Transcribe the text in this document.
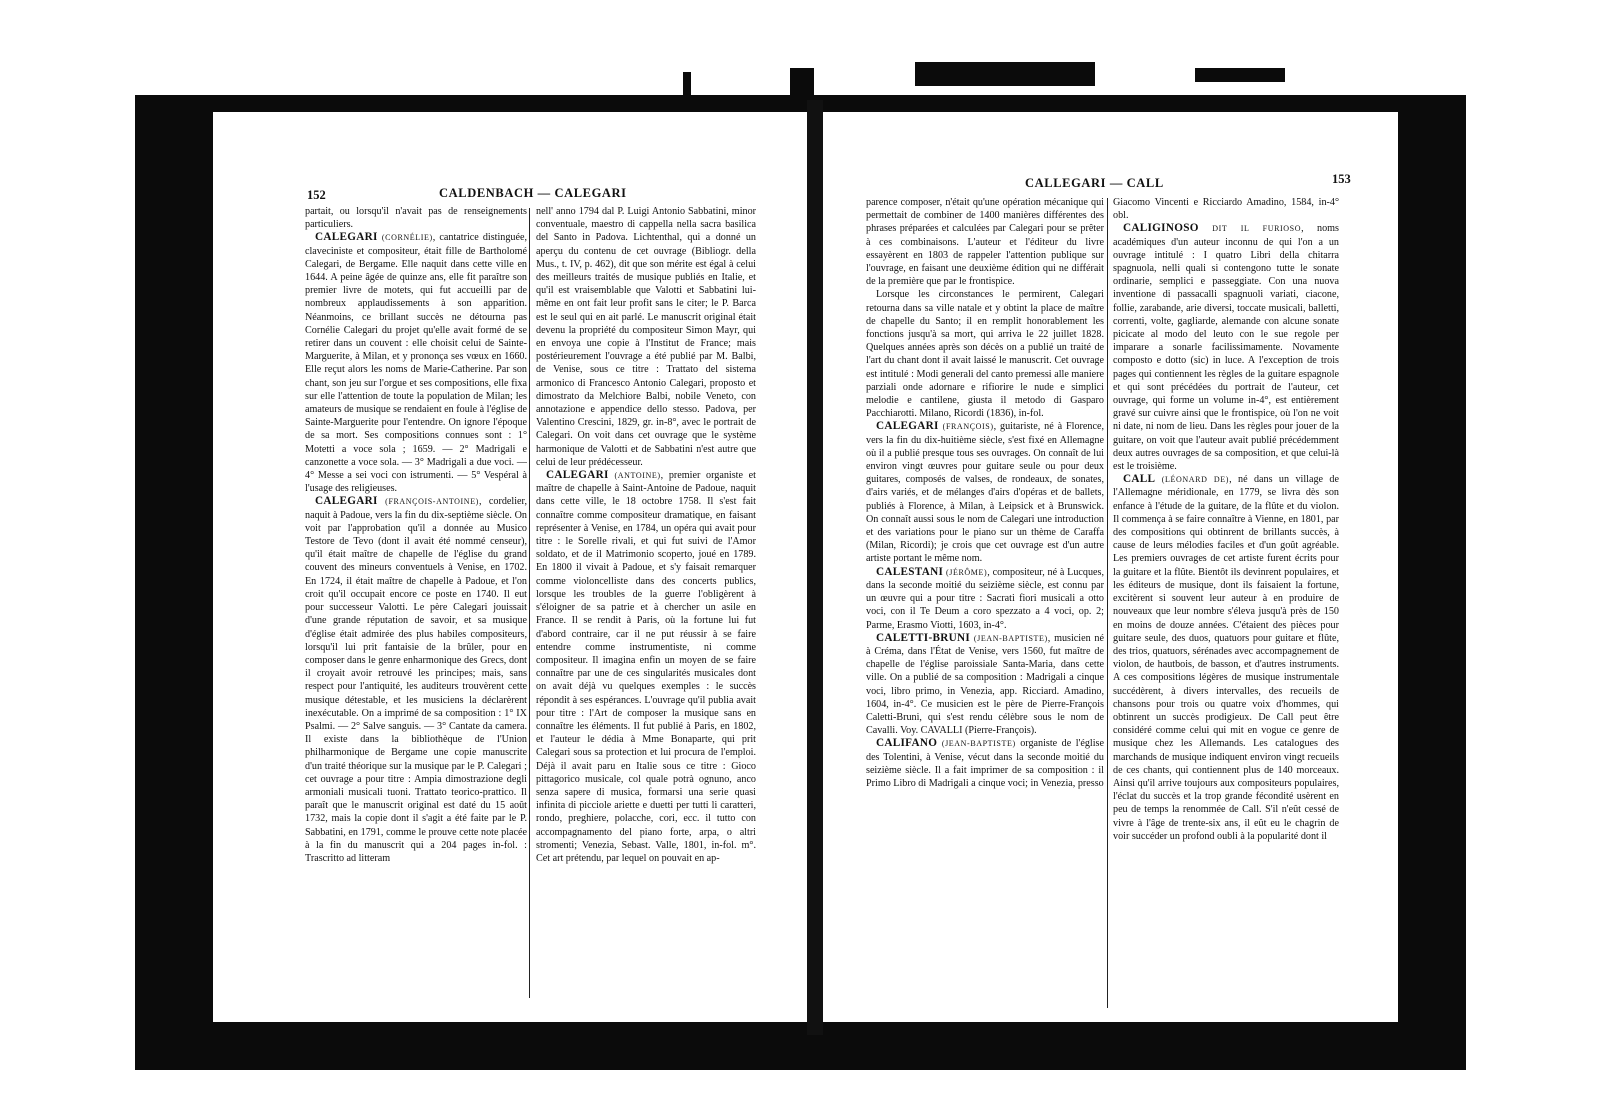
152	CALDENBACH — CALEGARI

partait, ou lorsqu'il n'avait pas de renseignements particuliers.

CALEGARI (CORNÉLIE), cantatrice distinguée, claveciniste et compositeur, était fille de Bartholomé Calegari, de Bergame. Elle naquit dans cette ville en 1644. A peine âgée de quinze ans, elle fit paraître son premier livre de motets, qui fut accueilli par de nombreux applaudissements à son apparition. Néanmoins, ce brillant succès ne détourna pas Cornélie Calegari du projet qu'elle avait formé de se retirer dans un couvent : elle choisit celui de Sainte-Marguerite, à Milan, et y prononça ses vœux en 1660. Elle reçut alors les noms de Marie-Catherine. Par son chant, son jeu sur l'orgue et ses compositions, elle fixa sur elle l'attention de toute la population de Milan; les amateurs de musique se rendaient en foule à l'église de Sainte-Marguerite pour l'entendre. On ignore l'époque de sa mort. Ses compositions connues sont : 1° Motetti a voce sola ; 1659. — 2° Madrigali e canzonette a voce sola. — 3° Madrigali a due voci. — 4° Messe a sei voci con istrumenti. — 5° Vespéral à l'usage des religieuses.

CALEGARI (FRANÇOIS-ANTOINE), cordelier, naquit à Padoue, vers la fin du dix-septième siècle. On voit par l'approbation qu'il a donnée au Musico Testore de Tevo (dont il avait été nommé censeur), qu'il était maître de chapelle de l'église du grand couvent des mineurs conventuels à Venise, en 1702. En 1724, il était maître de chapelle à Padoue, et l'on croit qu'il occupait encore ce poste en 1740. Il eut pour successeur Valotti. Le père Calegari jouissait d'une grande réputation de savoir, et sa musique d'église était admirée des plus habiles compositeurs, lorsqu'il lui prit fantaisie de la brûler, pour en composer dans le genre enharmonique des Grecs, dont il croyait avoir retrouvé les principes; mais, sans respect pour l'antiquité, les auditeurs trouvèrent cette musique détestable, et les musiciens la déclarèrent inexécutable. On a imprimé de sa composition : 1° IX Psalmi. — 2° Salve sanguis. — 3° Cantate da camera. Il existe dans la bibliothèque de l'Union philharmonique de Bergame une copie manuscrite d'un traité théorique sur la musique par le P. Calegari ; cet ouvrage a pour titre : Ampia dimostrazione degli armoniali musicali tuoni. Trattato teorico-prattico. Il paraît que le manuscrit original est daté du 15 août 1732, mais la copie dont il s'agit a été faite par le P. Sabbatini, en 1791, comme le prouve cette note placée à la fin du manuscrit qui a 204 pages in-fol. : Trascritto ad litteram

nell' anno 1794 dal P. Luigi Antonio Sabbatini, minor conventuale, maestro di cappella nella sacra basilica del Santo in Padova. Lichtenthal, qui a donné un aperçu du contenu de cet ouvrage (Bibliogr. della Mus., t. IV, p. 462), dit que son mérite est égal à celui des meilleurs traités de musique publiés en Italie, et qu'il est vraisemblable que Valotti et Sabbatini lui-même en ont fait leur profit sans le citer; le P. Barca est le seul qui en ait parlé. Le manuscrit original était devenu la propriété du compositeur Simon Mayr, qui en envoya une copie à l'Institut de France; mais postérieurement l'ouvrage a été publié par M. Balbi, de Venise, sous ce titre : Trattato del sistema armonico di Francesco Antonio Calegari, proposto et dimostrato da Melchiore Balbi, nobile Veneto, con annotazione e appendice dello stesso. Padova, per Valentino Crescini, 1829, gr. in-8°, avec le portrait de Calegari. On voit dans cet ouvrage que le système harmonique de Valotti et de Sabbatini n'est autre que celui de leur prédécesseur.

CALEGARI (ANTOINE), premier organiste et maître de chapelle à Saint-Antoine de Padoue, naquit dans cette ville, le 18 octobre 1758. Il s'est fait connaître comme compositeur dramatique, en faisant représenter à Venise, en 1784, un opéra qui avait pour titre : le Sorelle rivali, et qui fut suivi de l'Amor soldato, et de il Matrimonio scoperto, joué en 1789. En 1800 il vivait à Padoue, et s'y faisait remarquer comme violoncelliste dans des concerts publics, lorsque les troubles de la guerre l'obligèrent à s'éloigner de sa patrie et à chercher un asile en France. Il se rendit à Paris, où la fortune lui fut d'abord contraire, car il ne put réussir à se faire entendre comme instrumentiste, ni comme compositeur. Il imagina enfin un moyen de se faire connaître par une de ces singularités musicales dont on avait déjà vu quelques exemples : le succès répondit à ses espérances. L'ouvrage qu'il publia avait pour titre : l'Art de composer la musique sans en connaître les éléments. Il fut publié à Paris, en 1802, et l'auteur le dédia à Mme Bonaparte, qui prit Calegari sous sa protection et lui procura de l'emploi. Déjà il avait paru en Italie sous ce titre : Gioco pittagorico musicale, col quale potrà ognuno, anco senza sapere di musica, formarsi una serie quasi infinita di picciole ariette e duetti per tutti li caratteri, rondo, preghiere, polacche, cori, ecc. il tutto con accompagnamento del piano forte, arpa, o altri stromenti; Venezia, Sebast. Valle, 1801, in-fol. m°. Cet art prétendu, par lequel on pouvait en ap-

CALLEGARI — CALL	153

parence composer, n'était qu'une opération mécanique qui permettait de combiner de 1400 manières différentes des phrases préparées et calculées par Calegari pour se prêter à ces combinaisons. L'auteur et l'éditeur du livre essayèrent en 1803 de rappeler l'attention publique sur l'ouvrage, en faisant une deuxième édition qui ne différait de la première que par le frontispice.

Lorsque les circonstances le permirent, Calegari retourna dans sa ville natale et y obtint la place de maître de chapelle du Santo; il en remplit honorablement les fonctions jusqu'à sa mort, qui arriva le 22 juillet 1828. Quelques années après son décès on a publié un traité de l'art du chant dont il avait laissé le manuscrit. Cet ouvrage est intitulé : Modi generali del canto premessi alle maniere parziali onde adornare e rifiorire le nude e simplici melodie e cantilene, giusta il metodo di Gasparo Pacchiarotti. Milano, Ricordi (1836), in-fol.

CALEGARI (FRANÇOIS), guitariste, né à Florence, vers la fin du dix-huitième siècle, s'est fixé en Allemagne où il a publié presque tous ses ouvrages. On connaît de lui environ vingt œuvres pour guitare seule ou pour deux guitares, composés de valses, de rondeaux, de sonates, d'airs variés, et de mélanges d'airs d'opéras et de ballets, publiés à Florence, à Milan, à Leipsick et à Brunswick. On connaît aussi sous le nom de Calegari une introduction et des variations pour le piano sur un thème de Caraffa (Milan, Ricordi); je crois que cet ouvrage est d'un autre artiste portant le même nom.

CALESTANI (JÉRÔME), compositeur, né à Lucques, dans la seconde moitié du seizième siècle, est connu par un œuvre qui a pour titre : Sacrati fiori musicali a otto voci, con il Te Deum a coro spezzato a 4 voci, op. 2; Parme, Erasmo Viotti, 1603, in-4°.

CALETTI-BRUNI (JEAN-BAPTISTE), musicien né à Créma, dans l'État de Venise, vers 1560, fut maître de chapelle de l'église paroissiale Santa-Maria, dans cette ville. On a publié de sa composition : Madrigali a cinque voci, libro primo, in Venezia, app. Ricciard. Amadino, 1604, in-4°. Ce musicien est le père de Pierre-François Caletti-Bruni, qui s'est rendu célèbre sous le nom de Cavalli. Voy. CAVALLI (Pierre-François).

CALIFANO (JEAN-BAPTISTE) organiste de l'église des Tolentini, à Venise, vécut dans la seconde moitié du seizième siècle. Il a fait imprimer de sa composition : il Primo Libro di Madrigali a cinque voci; in Venezia, presso

Giacomo Vincenti e Ricciardo Amadino, 1584, in-4° obl.

CALIGINOSO DIT IL FURIOSO, noms académiques d'un auteur inconnu de qui l'on a un ouvrage intitulé : I quatro Libri della chitarra spagnuola, nelli quali si contengono tutte le sonate ordinarie, semplici e passeggiate. Con una nuova inventione di passacalli spagnuoli variati, ciacone, follie, zarabande, arie diversi, toccate musicali, balletti, correnti, volte, gagliarde, alemande con alcune sonate picicate al modo del leuto con le sue regole per imparare a sonarle facilissimamente. Novamente composto e dotto (sic) in luce. A l'exception de trois pages qui contiennent les règles de la guitare espagnole et qui sont précédées du portrait de l'auteur, cet ouvrage, qui forme un volume in-4°, est entièrement gravé sur cuivre ainsi que le frontispice, où l'on ne voit ni date, ni nom de lieu. Dans les règles pour jouer de la guitare, on voit que l'auteur avait publié précédemment deux autres ouvrages de sa composition, et que celui-là est le troisième.

CALL (LÉONARD DE), né dans un village de l'Allemagne méridionale, en 1779, se livra dès son enfance à l'étude de la guitare, de la flûte et du violon. Il commença à se faire connaître à Vienne, en 1801, par des compositions qui obtinrent de brillants succès, à cause de leurs mélodies faciles et d'un goût agréable. Les premiers ouvrages de cet artiste furent écrits pour la guitare et la flûte. Bientôt ils devinrent populaires, et les éditeurs de musique, dont ils faisaient la fortune, excitèrent si souvent leur auteur à en produire de nouveaux que leur nombre s'éleva jusqu'à près de 150 en moins de douze années. C'étaient des pièces pour guitare seule, des duos, quatuors pour guitare et flûte, des trios, quatuors, sérénades avec accompagnement de violon, de hautbois, de basson, et d'autres instruments. A ces compositions légères de musique instrumentale succédèrent, à divers intervalles, des recueils de chansons pour trois ou quatre voix d'hommes, qui obtinrent un succès prodigieux. De Call peut être considéré comme celui qui mit en vogue ce genre de musique chez les Allemands. Les catalogues des marchands de musique indiquent environ vingt recueils de ces chants, qui contiennent plus de 140 morceaux. Ainsi qu'il arrive toujours aux compositeurs populaires, l'éclat du succès et la trop grande fécondité usèrent en peu de temps la renommée de Call. S'il n'eût cessé de vivre à l'âge de trente-six ans, il eût eu le chagrin de voir succéder un profond oubli à la popularité dont il
